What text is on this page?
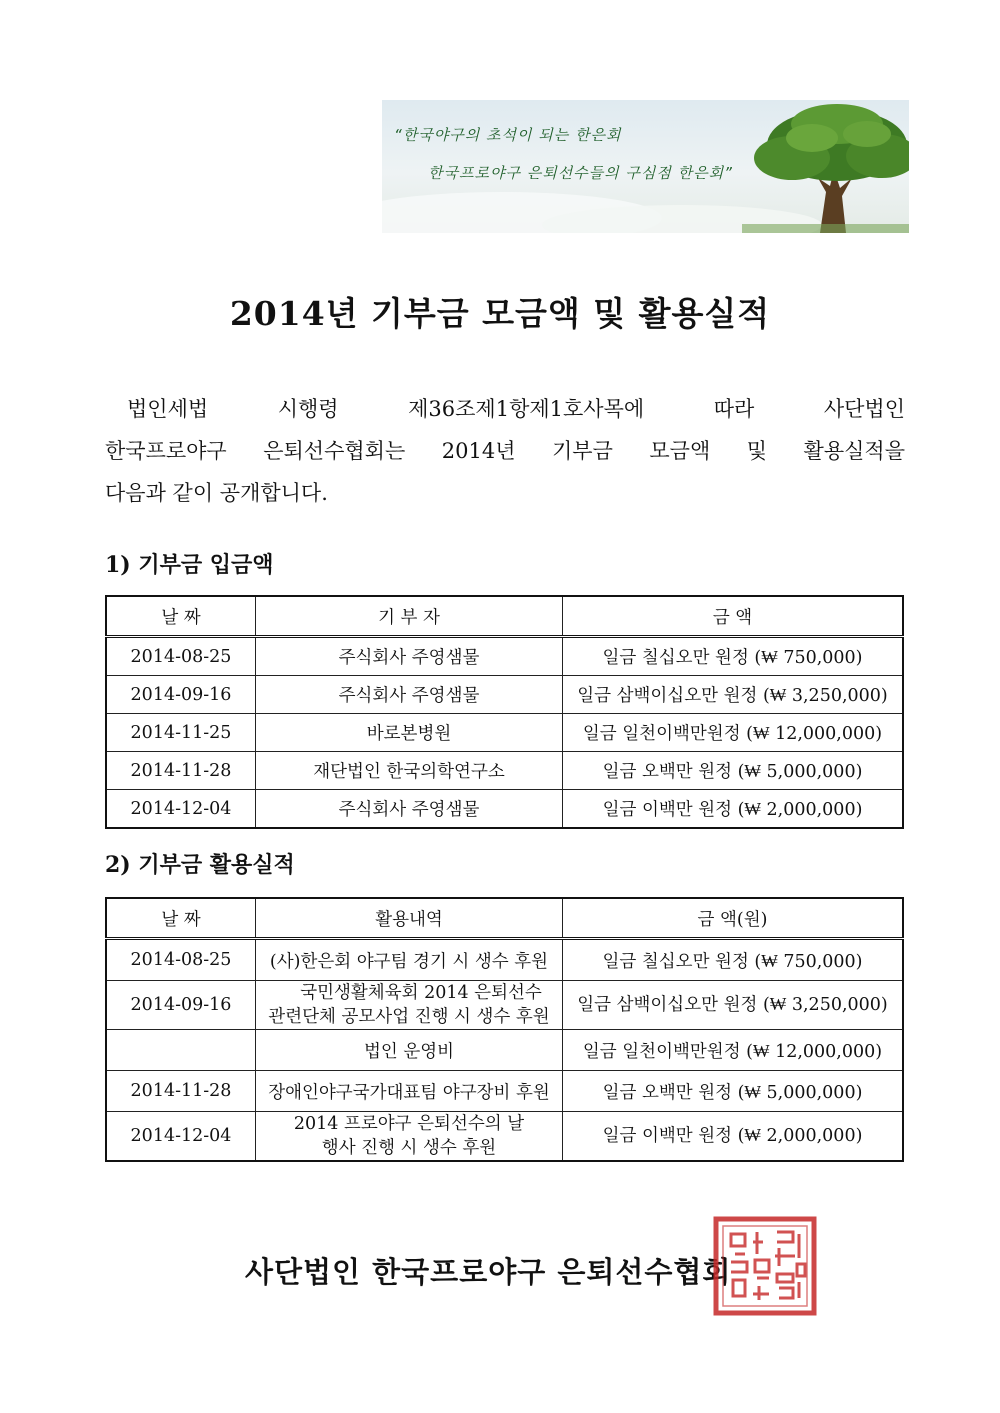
“한국야구의 초석이 되는 한은회
한국프로야구 은퇴선수들의 구심점 한은회”
2014년 기부금 모금액 및 활용실적

법인세법 시행령 제36조제1항제1호사목에 따라 사단법인

한국프로야구 은퇴선수협회는 2014년 기부금 모금액 및 활용실적을

다음과 같이 공개합니다.

1) 기부금 입금액
날 짜	기 부 자	금 액
2014-08-25	주식회사 주영샘물	일금 칠십오만 원정 (₩ 750,000)
2014-09-16	주식회사 주영샘물	일금 삼백이십오만 원정 (₩ 3,250,000)
2014-11-25	바로본병원	일금 일천이백만원정 (₩ 12,000,000)
2014-11-28	재단법인 한국의학연구소	일금 오백만 원정 (₩ 5,000,000)
2014-12-04	주식회사 주영샘물	일금 이백만 원정 (₩ 2,000,000)
2) 기부금 활용실적
날 짜	활용내역	금 액(원)
2014-08-25	(사)한은회 야구팀 경기 시 생수 후원	일금 칠십오만 원정 (₩ 750,000)
2014-09-16	국민생활체육회 2014 은퇴선수
관련단체 공모사업 진행 시 생수 후원	일금 삼백이십오만 원정 (₩ 3,250,000)
	법인 운영비	일금 일천이백만원정 (₩ 12,000,000)
2014-11-28	장애인야구국가대표팀 야구장비 후원	일금 오백만 원정 (₩ 5,000,000)
2014-12-04	2014 프로야구 은퇴선수의 날
행사 진행 시 생수 후원	일금 이백만 원정 (₩ 2,000,000)
사단법인 한국프로야구 은퇴선수협회
